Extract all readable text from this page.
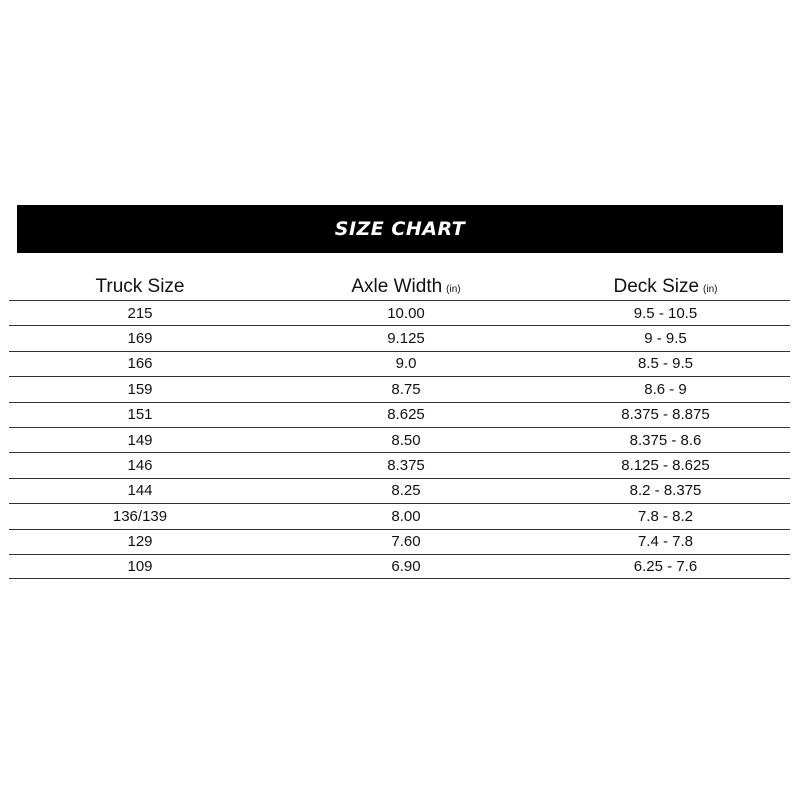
SIZE CHART
Truck Size	Axle Width (in)	Deck Size (in)
215	10.00	9.5 - 10.5
169	9.125	9 - 9.5
166	9.0	8.5 - 9.5
159	8.75	8.6 - 9
151	8.625	8.375 - 8.875
149	8.50	8.375 - 8.6
146	8.375	8.125 - 8.625
144	8.25	8.2 - 8.375
136/139	8.00	7.8 - 8.2
129	7.60	7.4 - 7.8
109	6.90	6.25 - 7.6
